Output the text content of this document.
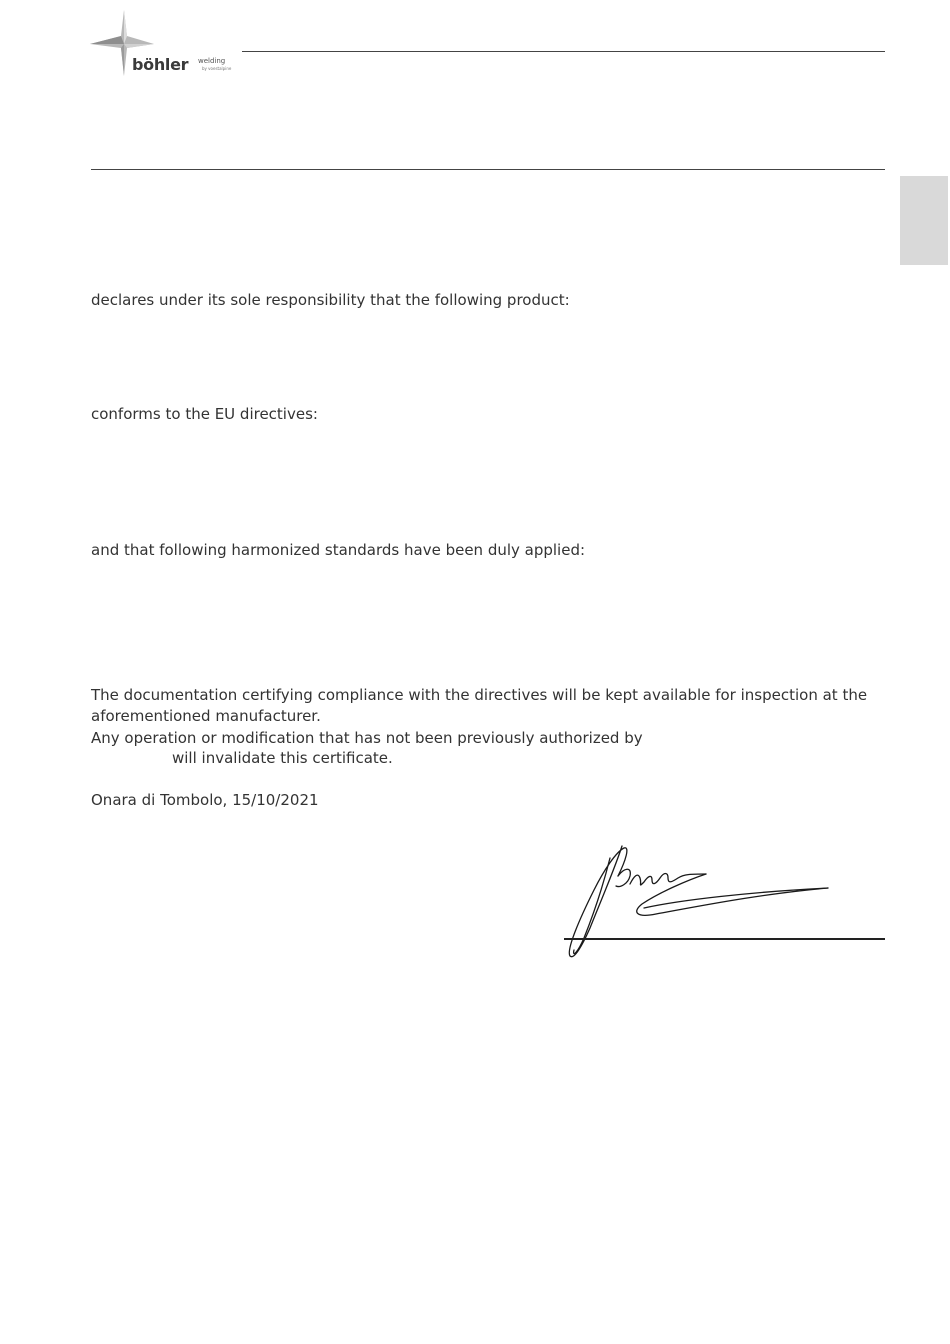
böhler welding
by voestalpine
declares under its sole responsibility that the following product:
conforms to the EU directives:
and that following harmonized standards have been duly applied:
The documentation certifying compliance with the directives will be kept available for inspection at the
aforementioned manufacturer.
Any operation or modification that has not been previously authorized by
will invalidate this certificate.
Onara di Tombolo, 15/10/2021
